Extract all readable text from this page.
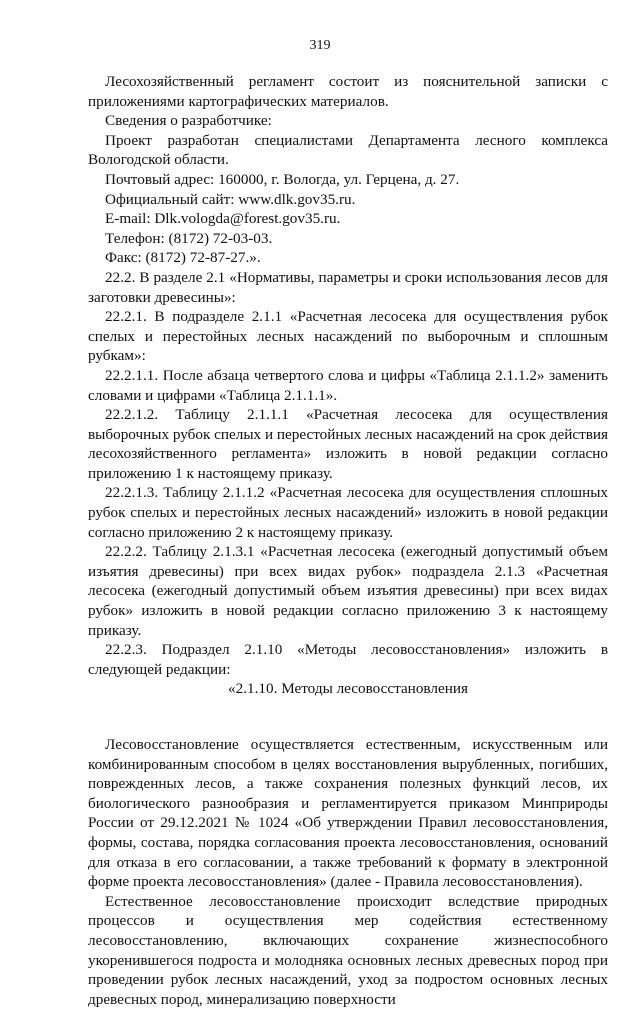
319

Лесохозяйственный регламент состоит из пояснительной записки с приложениями картографических материалов.

Сведения о разработчике:

Проект разработан специалистами Департамента лесного комплекса Вологодской области.

Почтовый адрес: 160000, г. Вологда, ул. Герцена, д. 27.

Официальный сайт: www.dlk.gov35.ru.

E-mail: Dlk.vologda@forest.gov35.ru.

Телефон: (8172) 72-03-03.

Факс: (8172) 72-87-27.».

22.2. В разделе 2.1 «Нормативы, параметры и сроки использования лесов для заготовки древесины»:

22.2.1. В подразделе 2.1.1 «Расчетная лесосека для осуществления рубок спелых и перестойных лесных насаждений по выборочным и сплошным рубкам»:

22.2.1.1. После абзаца четвертого слова и цифры «Таблица 2.1.1.2» заменить словами и цифрами «Таблица 2.1.1.1».

22.2.1.2. Таблицу 2.1.1.1 «Расчетная лесосека для осуществления выборочных рубок спелых и перестойных лесных насаждений на срок действия лесохозяйственного регламента» изложить в новой редакции согласно приложению 1 к настоящему приказу.

22.2.1.3. Таблицу 2.1.1.2 «Расчетная лесосека для осуществления сплошных рубок спелых и перестойных лесных насаждений» изложить в новой редакции согласно приложению 2 к настоящему приказу.

22.2.2. Таблицу 2.1.3.1 «Расчетная лесосека (ежегодный допустимый объем изъятия древесины) при всех видах рубок» подраздела 2.1.3 «Расчетная лесосека (ежегодный допустимый объем изъятия древесины) при всех видах рубок» изложить в новой редакции согласно приложению 3 к настоящему приказу.

22.2.3. Подраздел 2.1.10 «Методы лесовосстановления» изложить в следующей редакции:

«2.1.10. Методы лесовосстановления

Лесовосстановление осуществляется естественным, искусственным или комбинированным способом в целях восстановления вырубленных, погибших, поврежденных лесов, а также сохранения полезных функций лесов, их биологического разнообразия и регламентируется приказом Минприроды России от 29.12.2021 № 1024 «Об утверждении Правил лесовосстановления, формы, состава, порядка согласования проекта лесовосстановления, оснований для отказа в его согласовании, а также требований к формату в электронной форме проекта лесовосстановления» (далее - Правила лесовосстановления).

Естественное лесовосстановление происходит вследствие природных процессов и осуществления мер содействия естественному лесовосстановлению, включающих сохранение жизнеспособного укоренившегося подроста и молодняка основных лесных древесных пород при проведении рубок лесных насаждений, уход за подростом основных лесных древесных пород, минерализацию поверхности
